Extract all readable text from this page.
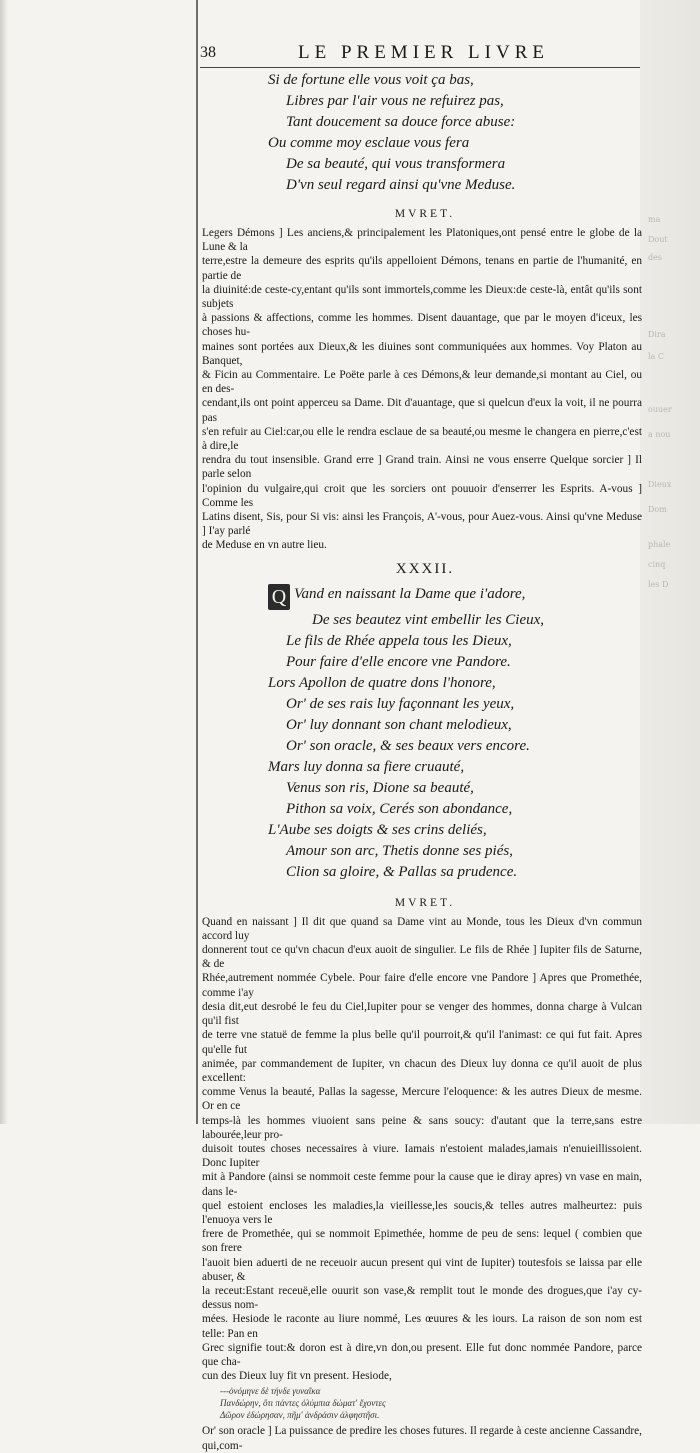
ma
Dout
des
Dira
la C
ouuer
a nou
Dieux
Dom
phale
cinq
les D
38	LE PREMIER LIVRE
Si de fortune elle vous voit ça bas,
Libres par l'air vous ne refuirez pas,
Tant doucement sa douce force abuse:
Ou comme moy esclaue vous fera
De sa beauté, qui vous transformera
D'vn seul regard ainsi qu'vne Meduse.
MVRET.
Legers Démons ] Les anciens,& principalement les Platoniques,ont pensé entre le globe de la Lune & la
terre,estre la demeure des esprits qu'ils appelloient Démons, tenans en partie de l'humanité, en partie de
la diuinité:de ceste-cy,entant qu'ils sont immortels,comme les Dieux:de ceste-là, entât qu'ils sont subjets
à passions & affections, comme les hommes. Disent dauantage, que par le moyen d'iceux, les choses hu-
maines sont portées aux Dieux,& les diuines sont communiquées aux hommes. Voy Platon au Banquet,
& Ficin au Commentaire. Le Poëte parle à ces Démons,& leur demande,si montant au Ciel, ou en des-
cendant,ils ont point apperceu sa Dame. Dit d'auantage, que si quelcun d'eux la voit, il ne pourra pas
s'en refuir au Ciel:car,ou elle le rendra esclaue de sa beauté,ou mesme le changera en pierre,c'est à dire,le
rendra du tout insensible. Grand erre ] Grand train. Ainsi ne vous enserre Quelque sorcier ] Il parle selon
l'opinion du vulgaire,qui croit que les sorciers ont pouuoir d'enserrer les Esprits. A-vous ] Comme les
Latins disent, Sis, pour Si vis: ainsi les François, A'-vous, pour Auez-vous. Ainsi qu'vne Meduse ] I'ay parlé
de Meduse en vn autre lieu.
XXXII.
Q Vand en naissant la Dame que i'adore,
De ses beautez vint embellir les Cieux,
Le fils de Rhée appela tous les Dieux,
Pour faire d'elle encore vne Pandore.
Lors Apollon de quatre dons l'honore,
Or' de ses rais luy façonnant les yeux,
Or' luy donnant son chant melodieux,
Or' son oracle, & ses beaux vers encore.
Mars luy donna sa fiere cruauté,
Venus son ris, Dione sa beauté,
Pithon sa voix, Cerés son abondance,
L'Aube ses doigts & ses crins deliés,
Amour son arc, Thetis donne ses piés,
Clion sa gloire, & Pallas sa prudence.
MVRET.
Quand en naissant ] Il dit que quand sa Dame vint au Monde, tous les Dieux d'vn commun accord luy
donnerent tout ce qu'vn chacun d'eux auoit de singulier. Le fils de Rhée ] Iupiter fils de Saturne, & de
Rhée,autrement nommée Cybele. Pour faire d'elle encore vne Pandore ] Apres que Promethée, comme i'ay
desia dit,eut desrobé le feu du Ciel,Iupiter pour se venger des hommes, donna charge à Vulcan qu'il fist
de terre vne statuë de femme la plus belle qu'il pourroit,& qu'il l'animast: ce qui fut fait. Apres qu'elle fut
animée, par commandement de Iupiter, vn chacun des Dieux luy donna ce qu'il auoit de plus excellent:
comme Venus la beauté, Pallas la sagesse, Mercure l'eloquence: & les autres Dieux de mesme. Or en ce
temps-là les hommes viuoient sans peine & sans soucy: d'autant que la terre,sans estre labourée,leur pro-
duisoit toutes choses necessaires à viure. Iamais n'estoient malades,iamais n'enuieillissoient. Donc Iupiter
mit à Pandore (ainsi se nommoit ceste femme pour la cause que ie diray apres) vn vase en main, dans le-
quel estoient encloses les maladies,la vieillesse,les soucis,& telles autres malheurtez: puis l'enuoya vers le
frere de Promethée, qui se nommoit Epimethée, homme de peu de sens: lequel ( combien que son frere
l'auoit bien aduerti de ne receuoir aucun present qui vint de Iupiter) toutesfois se laissa par elle abuser, &
la receut:Estant receuë,elle ouurit son vase,& remplit tout le monde des drogues,que i'ay cy-dessus nom-
mées. Hesiode le raconte au liure nommé, Les œuures & les iours. La raison de son nom est telle: Pan en
Grec signifie tout:& doron est à dire,vn don,ou present. Elle fut donc nommée Pandore, parce que cha-
cun des Dieux luy fit vn present. Hesiode,
---ὀνόμηνε δὲ τήνδε γυναῖκα
Πανδώρην, ὅτι πάντες ὀλύμπια δώματ' ἔχοντες
Δῶρον ἐδώρησαν, πῆμ' ἀνδράσιν ἀλφηστῆσι.
Or' son oracle ] La puissance de predire les choses futures. Il regarde à ceste ancienne Cassandre, qui,com-
